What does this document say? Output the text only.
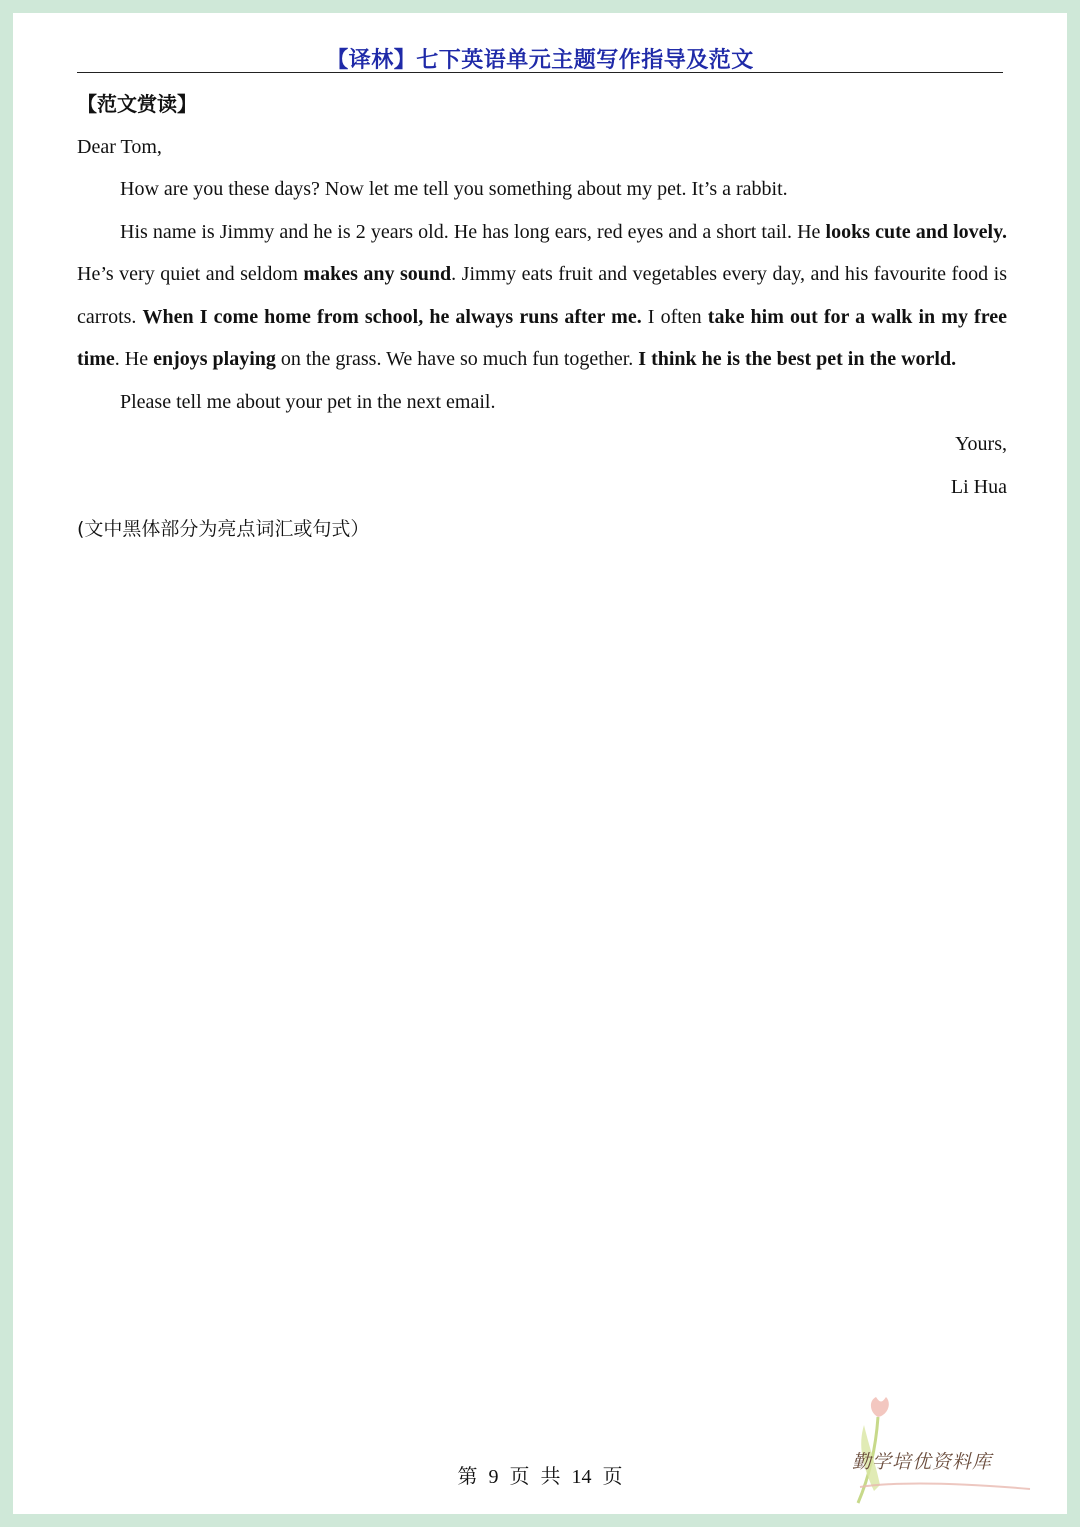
【译林】七下英语单元主题写作指导及范文
【范文赏读】
Dear Tom,
How are you these days? Now let me tell you something about my pet. It’s a rabbit.
His name is Jimmy and he is 2 years old. He has long ears, red eyes and a short tail. He looks cute and lovely. He’s very quiet and seldom makes any sound. Jimmy eats fruit and vegetables every day, and his favourite food is carrots. When I come home from school, he always runs after me. I often take him out for a walk in my free time. He enjoys playing on the grass. We have so much fun together. I think he is the best pet in the world.
Please tell me about your pet in the next email.
Yours,
Li Hua
(文中黑体部分为亮点词汇或句式）
第 9 页 共 14 页
勤学培优资料库
